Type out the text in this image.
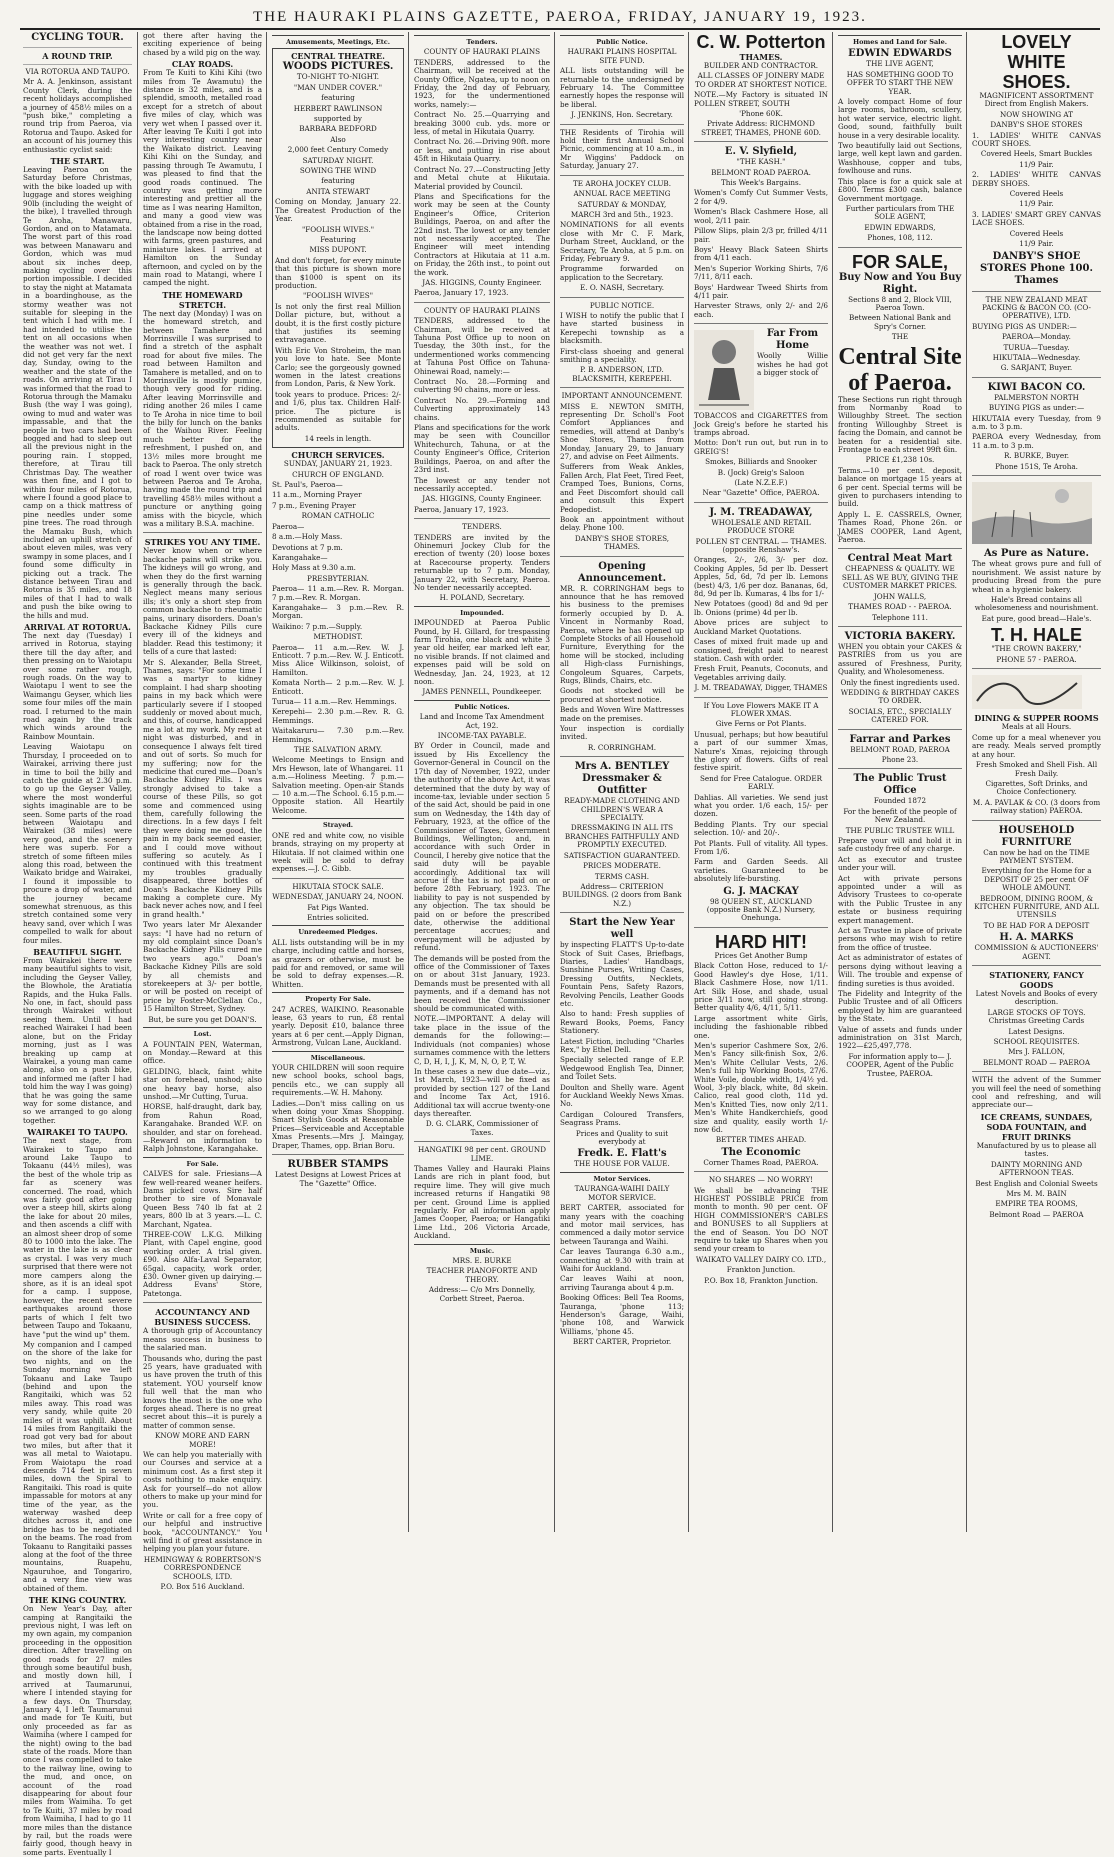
THE HAURAKI PLAINS GAZETTE, PAEROA, FRIDAY, JANUARY 19, 1923.
CYCLING TOUR.
A ROUND TRIP.

VIA ROTORUA AND TAUPO.

Mr A. A. Jenkinson, assistant County Clerk, during the recent holidays accomplished a journey of 458½ miles on a "push bike," completing a round trip from Paeroa, via Rotorua and Taupo. Asked for an account of his journey this enthusiastic cyclist said:

THE START.

Leaving Paeroa on the Saturday before Christmas, with the bike loaded up with luggage and stores weighing 90lb (including the weight of the bike), I travelled through Te Aroha, Manawaru, Gordon, and on to Matamata. The worst part of this road was between Manawaru and Gordon, which was mud about six inches deep, making cycling over this portion impossible. I decided to stay the night at Matamata in a boardinghouse, as the stormy weather was not suitable for sleeping in the tent which I had with me. I had intended to utilise the tent on all occasions when the weather was not wet. I did not get very far the next day, Sunday, owing to the weather and the state of the roads. On arriving at Tirau I was informed that the road to Rotorua through the Mamaku Bush (the way I was going), owing to mud and water was impassable, and that the people in two cars had been bogged and had to sleep out all the previous night in the pouring rain. I stopped, therefore, at Tirau till Christmas Day. The weather was then fine, and I got to within four miles of Rotorua, where I found a good place to camp on a thick mattress of pine needles under some pine trees. The road through the Mamaku Bush, which included an uphill stretch of about eleven miles, was very swampy in some places, and I found some difficulty in picking out a track. The distance between Tirau and Rotorua is 35 miles, and 18 miles of that I had to walk and push the bike owing to the hills and mud.

ARRIVAL AT ROTORUA.

The next day (Tuesday) I arrived in Rotorua, staying there till the day after, and then pressing on to Waiotapu over some rather rough, rough roads. On the way to Waiotapu I went to see the Waimangu Geyser, which lies some four miles off the main road. I returned to the main road again by the track which winds around the Rainbow Mountain.

Leaving Waiotapu on Thursday, I proceeded on to Wairakei, arriving there just in time to boil the billy and catch the guide at 2.30 p.m. to go up the Geyser Valley, where the most wonderful sights imaginable are to be seen. Some parts of the road between Waiotapu and Wairakei (38 miles) were very good, and the scenery here was superb. For a stretch of some fifteen miles along this road, between the Waikato bridge and Wairakei, I found it impossible to procure a drop of water, and the journey became somewhat strenuous, as this stretch contained some very heavy sand, over which I was compelled to walk for about four miles.

BEAUTIFUL SIGHT.

From Wairakei there were many beautiful sights to visit, including the Geyser Valley, the Blowhole, the Aratiatia Rapids, and the Huka Falls. No one, in fact, should pass through Wairakei without seeing them. Until I had reached Wairakei I had been alone, but on the Friday morning, just as I was breaking up camp at Wairakei, a young man came along, also on a push bike, and informed me (after I had told him the way I was going) that he was going the same way for some distance, and so we arranged to go along together.

WAIRAKEI TO TAUPO.

The next stage, from Wairakei to Taupo and around Lake Taupo to Tokaanu (44½ miles), was the best of the whole trip as far as scenery was concerned. The road, which was fairly good after going over a steep hill, skirts along the lake for about 20 miles, and then ascends a cliff with an almost sheer drop of some 80 to 1000 into the lake. The water in the lake is as clear as crystal. I was very much surprised that there were not more campers along the shore, as it is an ideal spot for a camp. I suppose, however, the recent severe earthquakes around those parts of which I felt two between Taupo and Tokaanu, have "put the wind up" them.

My companion and I camped on the shore of the lake for two nights, and on the Sunday morning we left Tokaanu and Lake Taupo (behind and upon the Rangitaiki, which was 52 miles away. This road was very sandy, while quite 20 miles of it was uphill. About 14 miles from Rangitaiki the road got very bad for about two miles, but after that it was all metal to Waiotapu. From Waiotapu the road descends 714 feet in seven miles, down the Spiral to Rangitaiki. This road is quite impassable for motors at any time of the year, as the waterway washed deep ditches across it, and one bridge has to be negotiated on the beams. The road from Tokaanu to Rangitaiki passes along at the foot of the three mountains, Ruapehu, Ngauruhoe, and Tongariro, and a very fine view was obtained of them.

THE KING COUNTRY.

On New Year's Day, after camping at Rangitaiki the previous night, I was left on my own again, my companion proceeding in the opposition direction. After travelling on good roads for 27 miles through some beautiful bush, and mostly down hill, I arrived at Taumarunui, where I intended staying for a few days. On Thursday, January 4, I left Taumarunui and made for Te Kuiti, but only proceeded as far as Waimiha (where I camped for the night) owing to the bad state of the roads. More than once I was compelled to take to the railway line, owing to the mud, and once, on account of the road disappearing for about four miles from Waimiha. To get to Te Kuiti, 37 miles by road from Waimiha, I had to go 11 more miles than the distance by rail, but the roads were fairly good, though heavy in some parts. Eventually I

got there after having the exciting experience of being chased by a wild pig on the way.

CLAY ROADS.

From Te Kuiti to Kihi Kihi (two miles from Te Awamutu) the distance is 32 miles, and is a splendid, smooth, metalled road except for a stretch of about five miles of clay, which was very wet when I passed over it. After leaving Te Kuiti I got into very interesting country near the Waikato district. Leaving Kihi Kihi on the Sunday, and passing through Te Awamutu, I was pleased to find that the good roads continued. The country was getting more interesting and prettier all the time as I was nearing Hamilton, and many a good view was obtained from a rise in the road, the landscape now being dotted with farms, green pastures, and miniature lakes. I arrived at Hamilton on the Sunday afternoon, and cycled on by the main road to Matangi, where I camped the night.

THE HOMEWARD STRETCH.

The next day (Monday) I was on the homeward stretch, and between Tamahere and Morrinsville I was surprised to find a stretch of the asphalt road for about five miles. The road between Hamilton and Tamahere is metalled, and on to Morrinsville is mostly pumice, though very good for riding. After leaving Morrinsville and riding another 26 miles I came to Te Aroha in nice time to boil the billy for lunch on the banks of the Waihou River. Feeling much better for the refreshment, I pushed on, and 13½ miles more brought me back to Paeroa. The only stretch of road I went over twice was between Paeroa and Te Aroha, having made the round trip and travelling 458½ miles without a puncture or anything going amiss with the bicycle, which was a military B.S.A. machine.

STRIKES YOU ANY TIME.

Never know when or where backache pains will strike you. The kidneys will go wrong, and when they do the first warning is generally through the back. Neglect means many serious ills; it's only a short step from common backache to rheumatic pains, urinary disorders. Doan's Backache Kidney Pills cure every ill of the kidneys and bladder. Read this testimony; it tells of a cure that lasted:

Mr S. Alexander, Bella Street, Thames, says: "For some time I was a martyr to kidney complaint. I had sharp shooting pains in my back which were particularly severe if I stooped suddenly or moved about much, and this, of course, handicapped me a lot at my work. My rest at night was disturbed, and in consequence I always felt tired and out of sorts. So much for my suffering; now for the medicine that cured me—Doan's Backache Kidney Pills. I was strongly advised to take a course of these Pills, so got some and commenced using them, carefully following the directions. In a few days I felt they were doing me good, the pain in my back seemed easier, and I could move without suffering so acutely. As I continued with this treatment my troubles gradually disappeared, three bottles of Doan's Backache Kidney Pills making a complete cure. My back never aches now, and I feel in grand health."

Two years later Mr Alexander says: "I have had no return of my old complaint since Doan's Backache Kidney Pills cured me two years ago." Doan's Backache Kidney Pills are sold by all chemists and storekeepers at 3/- per bottle, or will be posted on receipt of price by Foster-McClellan Co., 15 Hamilton Street, Sydney.

But, be sure you get DOAN'S.

Lost.

A FOUNTAIN PEN, Waterman, on Monday.—Reward at this office.

GELDING, black, faint white star on forehead, unshod; also one heavy bay horse, also unshod.—Mr Cutting, Turua.

HORSE, half-draught, dark bay, from Rahun Road, Karangahake. Branded W.F. on shoulder, and star on forehead.—Reward on information to Ralph Johnstone, Karangahake.

For Sale.

CALVES for sale. Friesians—A few well-reared weaner heifers. Dams picked cows. Sire half brother to sire of Monavale Queen Bess 740 lb fat at 2 years, 800 lb at 3 years.—L. C. Marchant, Ngatea.

THREE-COW L.K.G. Milking Plant, with Capel engine, good working order. A trial given. £90. Also Alfa-Laval Separator, 65gal. capacity, work order, £30. Owner given up dairying.—Address Evans' Store, Patetonga.

ACCOUNTANCY AND BUSINESS SUCCESS.

A thorough grip of Accountancy means success in business to the salaried man.

Thousands who, during the past 25 years, have graduated with us have proven the truth of this statement. YOU yourself know full well that the man who knows the most is the one who forges ahead. There is no great secret about this—it is purely a matter of common sense.

KNOW MORE AND EARN MORE!

We can help you materially with our Courses and service at a minimum cost. As a first step it costs nothing to make enquiry. Ask for yourself—do not allow others to make up your mind for you.

Write or call for a free copy of our helpful and instructive book, "ACCOUNTANCY." You will find it of great assistance in helping you plan your future.

HEMINGWAY & ROBERTSON'S CORRESPONDENCE SCHOOLS, LTD.

P.O. Box 516 Auckland.

Amusements, Meetings, Etc.
CENTRAL THEATRE.
WOODS PICTURES.

TO-NIGHT TO-NIGHT.

"MAN UNDER COVER."

featuring

HERBERT RAWLINSON

supported by

BARBARA BEDFORD

Also

2,000 feet Century Comedy

SATURDAY NIGHT.

SOWING THE WIND

featuring

ANITA STEWART

Coming on Monday, January 22. The Greatest Production of the Year.

"FOOLISH WIVES."

Featuring

MISS DUPONT.

And don't forget, for every minute that this picture is shown more than $1000 is spent on its production.

"FOOLISH WIVES"

Is not only the first real Million Dollar picture, but, without a doubt, it is the first costly picture that justifies its seeming extravagance.

With Eric Von Stroheim, the man you love to hate. See Monte Carlo; see the gorgeously gowned women in the latest creations from London, Paris, & New York.

took years to produce. Prices: 2/- and 1/6, plus tax. Children Half-price. The picture is recommended as suitable for adults.

14 reels in length.

CHURCH SERVICES.

SUNDAY, JANUARY 21, 1923.

CHURCH OF ENGLAND.

St. Paul's, Paeroa—

11 a.m., Morning Prayer

7 p.m., Evening Prayer

ROMAN CATHOLIC

Paeroa—

8 a.m.—Holy Mass.

Devotions at 7 p.m.

Karangahake—

Holy Mass at 9.30 a.m.

PRESBYTERIAN.

Paeroa— 11 a.m.—Rev. R. Morgan. 7 p.m.—Rev. R. Morgan.

Karangahake— 3 p.m.—Rev. R. Morgan.

Waikino: 7 p.m.—Supply.

METHODIST.

Paeroa— 11 a.m.—Rev. W. J. Enticott. 7 p.m.—Rev. W. J. Enticott. Miss Alice Wilkinson, soloist, of Hamilton.

Komata North— 2 p.m.—Rev. W. J. Enticott.

Turua— 11 a.m.—Rev. Hemmings.

Kerepehi— 2.30 p.m.—Rev. R. G. Hemmings.

Waitakaruru— 7.30 p.m.—Rev. Hemmings.

THE SALVATION ARMY.

Welcome Meetings to Ensign and Mrs Hewson, late of Whangarei. 11 a.m.—Holiness Meeting. 7 p.m.—Salvation meeting. Open-air Stands— 10 a.m.—The School. 6.15 p.m.—Opposite station. All Heartily Welcome.

Strayed.

ONE red and white cow, no visible brands, straying on my property at Hikutaia. If not claimed within one week will be sold to defray expenses.—J. C. Gibb.

HIKUTAIA STOCK SALE.

WEDNESDAY, JANUARY 24, NOON.

Fat Pigs Wanted.

Entries solicited.

Unredeemed Pledges.

ALL lists outstanding will be in my charge, including cattle and horses, as grazers or otherwise, must be paid for and removed, or same will be sold to defray expenses.—R. Whitten.

Property For Sale.

247 ACRES, WAIKINO. Reasonable lease, 63 years to run, £8 rental yearly. Deposit £10, balance three years at 6 per cent.—Apply Dignan, Armstrong, Vulcan Lane, Auckland.

Miscellaneous.

YOUR CHILDREN will soon require new school books, school bags, pencils etc., we can supply all requirements.—W. H. Mahony.

Ladies.—Don't miss calling on us when doing your Xmas Shopping. Smart Stylish Goods at Reasonable Prices—Serviceable and Acceptable Xmas Presents.—Mrs J. Maingay, Draper, Thames, opp. Brian Boru.

RUBBER STAMPS

Latest Designs at Lowest Prices at The "Gazette" Office.

Tenders.

COUNTY OF HAURAKI PLAINS

TENDERS, addressed to the Chairman, will be received at the County Office, Ngatea, up to noon on Friday, the 2nd day of February, 1923, for the undermentioned works, namely:—

Contract No. 25.—Quarrying and breaking 3000 cub. yds. more or less, of metal in Hikutaia Quarry.

Contract No. 26.—Driving 90ft. more or less, and putting in rise about 45ft in Hikutaia Quarry.

Contract No. 27.—Constructing Jetty and Metal chute at Hikutaia. Material provided by Council.

Plans and Specifications for the work may be seen at the County Engineer's Office, Criterion Buildings, Paeroa, on and after the 22nd inst. The lowest or any tender not necessarily accepted. The Engineer will meet intending Contractors at Hikutaia at 11 a.m. on Friday, the 26th inst., to point out the work.

JAS. HIGGINS, County Engineer.

Paeroa, January 17, 1923.

COUNTY OF HAURAKI PLAINS

TENDERS, addressed to the Chairman, will be received at Tahuna Post Office up to noon on Tuesday, the 30th inst., for the undermentioned works commencing at Tahuna Post Office on Tahuna-Ohinewai Road, namely:—

Contract No. 28.—Forming and culverting 90 chains, more or less.

Contract No. 29.—Forming and Culverting approximately 143 chains.

Plans and specifications for the work may be seen with Councillor Whitechurch, Tahuna, or at the County Engineer's Office, Criterion Buildings, Paeroa, on and after the 23rd inst.

The lowest or any tender not necessarily accepted.

JAS. HIGGINS, County Engineer.

Paeroa, January 17, 1923.

TENDERS.

TENDERS are invited by the Ohinemuri Jockey Club for the erection of twenty (20) loose boxes at Racecourse property. Tenders returnable up to 7 p.m. Monday, January 22, with Secretary, Paeroa. No tender necessarily accepted.

H. POLAND, Secretary.

Impounded.

IMPOUNDED at Paeroa Public Pound, by H. Gillard, for trespassing farm Tirohia, one black and white 3 year old heifer, ear marked left ear, no visible brands. If not claimed and expenses paid will be sold on Wednesday, Jan. 24, 1923, at 12 noon.

JAMES PENNELL, Poundkeeper.

Public Notices.

Land and Income Tax Amendment Act, 192.

INCOME-TAX PAYABLE.

BY Order in Council, made and issued by His Excellency the Governor-General in Council on the 17th day of November, 1922, under the authority of the above Act, it was determined that the duty by way of income-tax, leviable under section 5 of the said Act, should be paid in one sum on Wednesday, the 14th day of February, 1923, at the office of the Commissioner of Taxes, Government Buildings, Wellington; and, in accordance with such Order in Council, I hereby give notice that the said duty will be payable accordingly. Additional tax will accrue if the tax is not paid on or before 28th February, 1923. The liability to pay is not suspended by any objection. The tax should be paid on or before the prescribed date, otherwise the additional percentage accrues; and overpayment will be adjusted by refund.

The demands will be posted from the office of the Commissioner of Taxes on or about 31st January, 1923. Demands must be presented with all payments, and if a demand has not been received the Commissioner should be communicated with.

NOTE.—IMPORTANT. A delay will take place in the issue of the demands for the following:—Individuals (not companies) whose surnames commence with the letters C, D, H, I, J, K, M, N, O, P, T, W.

In these cases a new due date—viz., 1st March, 1923—will be fixed as provided by section 127 of the Land and Income Tax Act, 1916. Additional tax will accrue twenty-one days thereafter.

D. G. CLARK, Commissioner of Taxes.

HANGATIKI 98 per cent. GROUND LIME.

Thames Valley and Hauraki Plains Lands are rich in plant food, but require lime. They will give much increased returns if Hangatiki 98 per cent. Ground Lime is applied regularly. For all information apply James Cooper, Paeroa; or Hangatiki Lime Ltd., 206 Victoria Arcade, Auckland.

Music.

MRS. E. BURKE

TEACHER PIANOFORTE AND THEORY.

Address:— C/o Mrs Donnelly, Corbett Street, Paeroa.

Public Notice.

HAURAKI PLAINS HOSPITAL SITE FUND.

ALL lists outstanding will be returnable to the undersigned by February 14. The Committee earnestly hopes the response will be liberal.

J. JENKINS, Hon. Secretary.

THE Residents of Tirohia will hold their first Annual School Picnic, commencing at 10 a.m., in Mr Wiggins' Paddock on Saturday, January 27.

TE AROHA JOCKEY CLUB.

ANNUAL RACE MEETING

SATURDAY & MONDAY,

MARCH 3rd and 5th., 1923.

NOMINATIONS for all events close with Mr C. F. Mark, Durham Street, Auckland, or the Secretary, Te Aroha, at 5 p.m. on Friday, February 9.

Programme forwarded on application to the Secretary.

E. O. NASH, Secretary.

PUBLIC NOTICE.

I WISH to notify the public that I have started business in Kerepechi township as a blacksmith.

First-class shoeing and general smithing a speciality.

P. B. ANDERSON, LTD. BLACKSMITH, KEREPEHI.

IMPORTANT ANNOUNCEMENT.

MISS E. NEWTON SMITH, representing Dr. Scholl's Foot Comfort Appliances and remedies, will attend at Danby's Shoe Stores, Thames from Monday, January 29, to January 27, and advise on Feet Ailments.

Sufferers from Weak Ankles, Fallen Arch, Flat Feet, Tired Feet, Cramped Toes, Bunions, Corns, and Feet Discomfort should call and consult this Expert Pedopedist.

Book an appointment without delay. Phone 100.

DANBY'S SHOE STORES, THAMES.

Opening Announcement.

MR. R. CORRINGHAM begs to announce that he has removed his business to the premises formerly occupied by D. A. Vincent in Normanby Road, Paeroa, where he has opened up Complete Stocks of all Household Furniture, Everything for the home will be stocked, including all High-class Furnishings, Congoleum Squares, Carpets, Rugs, Blinds, Chairs, etc.

Goods not stocked will be procured at shortest notice.

Beds and Woven Wire Mattresses made on the premises.

Your inspection is cordially invited.

R. CORRINGHAM.

Mrs A. BENTLEY Dressmaker & Outfitter

READY-MADE CLOTHING AND CHILDREN'S WEAR A SPECIALTY.

DRESSMAKING IN ALL ITS BRANCHES FAITHFULLY AND PROMPTLY EXECUTED.

SATISFACTION GUARANTEED.

PRICES MODERATE.

TERMS CASH.

Address— CRITERION BUILDINGS. (2 doors from Bank N.Z.)

Start the New Year well

by inspecting FLATT'S Up-to-date Stock of Suit Cases, Briefbags, Diaries, Ladies' Handbags, Sunshine Purses, Writing Cases, Dressing Outfits, Necklets, Fountain Pens, Safety Razors, Revolving Pencils, Leather Goods etc.

Also to hand: Fresh supplies of Reward Books, Poems, Fancy Stationery.

Latest Fiction, including "Charles Rex," by Ethel Dell.

Specially selected range of E.P. Wedgewood English Tea, Dinner, and Toilet Sets.

Doulton and Shelly ware. Agent for Auckland Weekly News Xmas. No.

Cardigan Coloured Transfers, Seagrass Prams.

Prices and Quality to suit everybody at

Fredk. E. Flatt's

THE HOUSE FOR VALUE.

Motor Services.

TAURANGA-WAIHI DAILY MOTOR SERVICE.

BERT CARTER, associated for many years with the coaching and motor mail services, has commenced a daily motor service between Tauranga and Waihi.

Car leaves Tauranga 6.30 a.m., connecting at 9.30 with train at Waihi for Auckland.

Car leaves Waihi at noon, arriving Tauranga about 4 p.m.

Booking Offices: Bell Tea Rooms, Tauranga, 'phone 113; Henderson's Garage, Waihi, 'phone 108, and Warwick Williams, 'phone 45.

BERT CARTER, Proprietor.

C. W. Potterton
THAMES.

BUILDER AND CONTRACTOR.

ALL CLASSES OF JOINERY MADE TO ORDER AT SHORTEST NOTICE.

NOTE.—My Factory is situated IN POLLEN STREET, SOUTH

'Phone 60K.

Private Address: RICHMOND STREET, THAMES, PHONE 60D.

E. V. Slyfield,

"THE KASH."

BELMONT ROAD PAEROA.

This Week's Bargains.

Women's Comfy Cut Summer Vests, 2 for 4/9.

Women's Black Cashmere Hose, all wool, 2/11 pair.

Pillow Slips, plain 2/3 pr, frilled 4/11 pair.

Boys' Heavy Black Sateen Shirts from 4/11 each.

Men's Superior Working Shirts, 7/6 7/11, 8/11 each.

Boys' Hardwear Tweed Shirts from 4/11 pair.

Harvester Straws, only 2/- and 2/6 each.

Far From Home

Woolly Willie wishes he had got a bigger stock of

TOBACCOS and CIGARETTES from Jock Greig's before he started his tramps abroad.

Motto: Don't run out, but run in to GREIG'S!

Smokes, Billiards and Snooker

B. (Jock) Greig's Saloon

(Late N.Z.E.F.)

Near "Gazette" Office, PAEROA.

J. M. TREADAWAY,

WHOLESALE AND RETAIL PRODUCE STORE

POLLEN ST CENTRAL — THAMES. (opposite Renshaw's.

Oranges, 2/-, 2/6, 3/- per doz. Cooking Apples, 5d per lb. Dessert Apples, 5d, 6d, 7d per lb. Lemons (best) 4/3, 1/6 per doz. Bananas, 6d, 8d, 9d per lb. Kumaras, 4 lbs for 1/-

New Potatoes (good) 8d and 9d per lb. Onions (prime) 4d per lb.

Above prices are subject to Auckland Market Quotations.

Cases of mixed fruit made up and consigned, freight paid to nearest station. Cash with order.

Fresh Fruit, Peanuts, Coconuts, and Vegetables arriving daily.

J. M. TREADAWAY, Digger, THAMES

If You Love Flowers MAKE IT A FLOWER XMAS.

Give Ferns or Pot Plants.

Unusual, perhaps; but how beautiful a part of our summer Xmas, Nature's Xmas, rejoicing through the glory of flowers. Gifts of real festive spirit.

Send for Free Catalogue. ORDER EARLY.

Dahlias. All varieties. We send just what you order. 1/6 each, 15/- per dozen.

Bedding Plants. Try our special selection. 10/- and 20/-.

Pot Plants. Full of vitality. All types. From 1/6.

Farm and Garden Seeds. All varieties. Guaranteed to be absolutely life-bursting.

G. J. MACKAY

98 QUEEN ST., AUCKLAND (opposite Bank N.Z.) Nursery, Onehunga.

HARD HIT!

Prices Get Another Bump

Black Cotton Hose, reduced to 1/- Good Hawley's dye Hose, 1/11. Black Cashmere Hose, now 1/11. Art Silk Hose, and shade, usual price 3/11 now, still going strong. Better quality 4/6, 4/11, 5/11.

Large assortment white Girls, including the fashionable ribbed one.

Men's superior Cashmere Sox, 2/6. Men's Fancy silk-finish Sox, 2/6. Men's White Cellular Vests, 2/6. Men's full hip Working Boots, 27/6. White Voile, double width, 1/4½ yd. Wool, 3-ply black, white, 8d skein. Calico, real good cloth, 11d yd. Men's Knitted Ties, now only 2/11. Men's White Handkerchiefs, good size and quality, easily worth 1/- now 6d.

BETTER TIMES AHEAD.

The Economic

Corner Thames Road, PAEROA.

NO SHARES — NO WORRY!

We shall be advancing THE HIGHEST POSSIBLE PRICE from month to month. 90 per cent. OF HIGH COMMISSIONER'S CABLES and BONUSES to all Suppliers at the end of Season. You DO NOT require to take up Shares when you send your cream to

WAIKATO VALLEY DAIRY CO. LTD.,

Frankton Junction.

P.O. Box 18, Frankton Junction.

Homes and Land for Sale.
EDWIN EDWARDS

THE LIVE AGENT,

HAS SOMETHING GOOD TO OFFER TO START THE NEW YEAR.

A lovely compact Home of four large rooms, bathroom, scullery, hot water service, electric light. Good, sound, faithfully built house in a very desirable locality.

Two beautifully laid out Sections, large, well kept lawn and garden. Washhouse, copper and tubs, fowlhouse and runs.

This place is for a quick sale at £800. Terms £300 cash, balance Government mortgage.

Further particulars from THE SOLE AGENT,

EDWIN EDWARDS,

Phones, 108, 112.

FOR SALE,
Buy Now and You Buy Right.

Sections 8 and 2, Block VIII, Paeroa Town.

Between National Bank and Spry's Corner.

THE

Central Site of Paeroa.

These Sections run right through from Normanby Road to Willoughby Street. The section fronting Willoughby Street is facing the Domain, and cannot be beaten for a residential site. Frontage to each street 99ft 6in.

PRICE £1,238 10s.

Terms.—10 per cent. deposit, balance on mortgage 15 years at 6 per cent. Special terms will be given to purchasers intending to build.

Apply L. E. CASSRELS, Owner, Thames Road, Phone 26n. or JAMES COOPER, Land Agent, Paeroa.

Central Meat Mart

CHEAPNESS & QUALITY. WE SELL AS WE BUY, GIVING THE CUSTOMER MARKET PRICES.

JOHN WALLS,

THAMES ROAD - - PAEROA.

Telephone 111.

VICTORIA BAKERY.

WHEN you obtain your CAKES & PASTRIES from us you are assured of Freshness, Purity, Quality, and Wholesomeness.

Only the finest ingredients used.

WEDDING & BIRTHDAY CAKES TO ORDER.

SOCIALS, ETC., SPECIALLY CATERED FOR.

Farrar and Parkes

BELMONT ROAD, PAEROA

Phone 23.

The Public Trust Office

Founded 1872

For the benefit of the people of New Zealand.

THE PUBLIC TRUSTEE WILL

Prepare your will and hold it in safe custody free of any charge.

Act as executor and trustee under your will.

Act with private persons appointed under a will as Advisory Trustees to co-operate with the Public Trustee in any estate or business requiring expert management.

Act as Trustee in place of private persons who may wish to retire from the office of trustee.

Act as administrator of estates of persons dying without leaving a Will. The trouble and expense of finding sureties is thus avoided.

The Fidelity and Integrity of the Public Trustee and of all Officers employed by him are guaranteed by the State.

Value of assets and funds under administration on 31st March, 1922—£25,497,778.

For information apply to— J. COOPER, Agent of the Public Trustee, PAEROA.

LOVELY WHITE SHOES.

MAGNIFICENT ASSORTMENT Direct from English Makers.

NOW SHOWING AT

DANBY'S SHOE STORES

1. LADIES' WHITE CANVAS COURT SHOES.

Covered Heels, Smart Buckles

11/9 Pair.

2. LADIES' WHITE CANVAS DERBY SHOES.

Covered Heels

11/9 Pair.

3. LADIES' SMART GREY CANVAS LACE SHOES.

Covered Heels

11/9 Pair.

DANBY'S SHOE STORES Phone 100. Thames

THE NEW ZEALAND MEAT PACKING & BACON CO. (CO-OPERATIVE), LTD.

BUYING PIGS AS UNDER:—

PAEROA—Monday.

TURUA—Tuesday.

HIKUTAIA—Wednesday.

G. SARJANT, Buyer.

KIWI BACON CO.

PALMERSTON NORTH

BUYING PIGS as under:—

HIKUTAIA every Tuesday, from 9 a.m. to 3 p.m.

PAEROA every Wednesday, from 11 a.m. to 3 p.m.

R. BURKE, Buyer.

Phone 151S, Te Aroha.

As Pure as Nature.

The wheat grows pure and full of nourishment. We assist nature by producing Bread from the pure wheat in a hygienic bakery.

Hale's Bread contains all wholesomeness and nourishment.

Eat pure, good bread—Hale's.

T. H. HALE

"THE CROWN BAKERY,"

PHONE 57 - PAEROA.

DINING & SUPPER ROOMS

Meals at all Hours.

Come up for a meal whenever you are ready. Meals served promptly at any hour.

Fresh Smoked and Shell Fish. All Fresh Daily.

Cigarettes, Soft Drinks, and Choice Confectionery.

M. A. PAVLAK & CO. (3 doors from railway station) PAEROA.

HOUSEHOLD FURNITURE

Can now be had on the TIME PAYMENT SYSTEM.

Everything for the Home for a DEPOSIT OF 25 per cent OF WHOLE AMOUNT.

BEDROOM, DINING ROOM, & KITCHEN FURNITURE, AND ALL UTENSILS

TO BE HAD FOR A DEPOSIT

H. A. MARKS

COMMISSION & AUCTIONEERS' AGENT.

STATIONERY, FANCY GOODS

Latest Novels and Books of every description.

LARGE STOCKS OF TOYS. Christmas Greeting Cards

Latest Designs.

SCHOOL REQUISITES.

Mrs J. FALLON,

BELMONT ROAD — PAEROA

WITH the advent of the Summer you will feel the need of something cool and refreshing, and will appreciate our—

ICE CREAMS, SUNDAES, SODA FOUNTAIN, and FRUIT DRINKS

Manufactured by us to please all tastes.

DAINTY MORNING AND AFTERNOON TEAS.

Best English and Colonial Sweets

Mrs M. M. BAIN

EMPIRE TEA ROOMS,

Belmont Road — PAEROA
